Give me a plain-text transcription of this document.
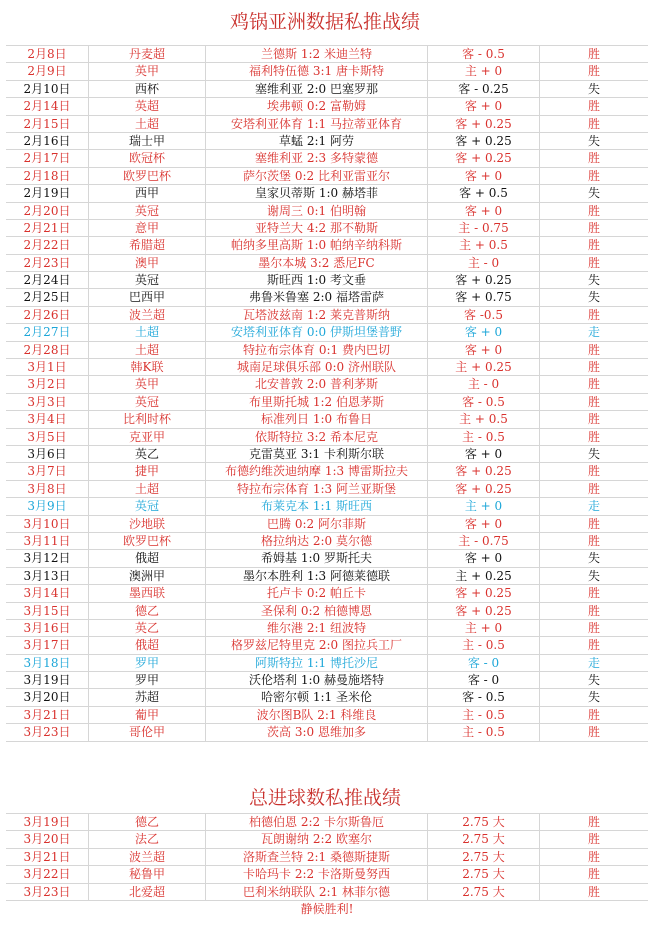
鸡锅亚洲数据私推战绩
2月8日	丹麦超	兰德斯 1:2 米迪兰特	客 - 0.5	胜
2月9日	英甲	福利特伍德 3:1 唐卡斯特	主 + 0	胜
2月10日	西杯	塞维利亚 2:0 巴塞罗那	客 - 0.25	失
2月14日	英超	埃弗顿 0:2 富勒姆	客 + 0	胜
2月15日	土超	安塔利亚体育 1:1 马拉蒂亚体育	客 + 0.25	胜
2月16日	瑞士甲	草蜢 2:1 阿劳	客 + 0.25	失
2月17日	欧冠杯	塞维利亚 2:3 多特蒙德	客 + 0.25	胜
2月18日	欧罗巴杯	萨尔茨堡 0:2 比利亚雷亚尔	客 + 0	胜
2月19日	西甲	皇家贝蒂斯 1:0 赫塔菲	客 + 0.5	失
2月20日	英冠	谢周三 0:1 伯明翰	客 + 0	胜
2月21日	意甲	亚特兰大 4:2 那不勒斯	主 - 0.75	胜
2月22日	希腊超	帕纳多里高斯 1:0 帕纳辛纳科斯	主 + 0.5	胜
2月23日	澳甲	墨尔本城 3:2 悉尼FC	主 - 0	胜
2月24日	英冠	斯旺西 1:0 考文垂	客 + 0.25	失
2月25日	巴西甲	弗鲁米鲁塞 2:0 福塔雷萨	客 + 0.75	失
2月26日	波兰超	瓦塔波兹南 1:2 莱克普斯纳	客 -0.5	胜
2月27日	土超	安塔利亚体育 0:0 伊斯坦堡普野	客 + 0	走
2月28日	土超	特拉布宗体育 0:1 费内巴切	客 + 0	胜
3月1日	韩K联	城南足球俱乐部 0:0 济州联队	主 + 0.25	胜
3月2日	英甲	北安普敦 2:0 普利茅斯	主 - 0	胜
3月3日	英冠	布里斯托城 1:2 伯恩茅斯	客 - 0.5	胜
3月4日	比利时杯	标准列日 1:0 布鲁日	主 + 0.5	胜
3月5日	克亚甲	依斯特拉 3:2 希本尼克	主 - 0.5	胜
3月6日	英乙	克雷莫亚 3:1 卡利斯尔联	客 + 0	失
3月7日	捷甲	布德约维茨迪纳摩 1:3 博雷斯拉夫	客 + 0.25	胜
3月8日	土超	特拉布宗体育 1:3 阿兰亚斯堡	客 + 0.25	胜
3月9日	英冠	布莱克本 1:1 斯旺西	主 + 0	走
3月10日	沙地联	巴腾 0:2 阿尔菲斯	客 + 0	胜
3月11日	欧罗巴杯	格拉纳达 2:0 莫尔德	主 - 0.75	胜
3月12日	俄超	希姆基 1:0 罗斯托夫	客 + 0	失
3月13日	澳洲甲	墨尔本胜利 1:3 阿德莱德联	主 + 0.25	失
3月14日	墨西联	托卢卡 0:2 帕丘卡	客 + 0.25	胜
3月15日	德乙	圣保利 0:2 柏德博恩	客 + 0.25	胜
3月16日	英乙	维尔港 2:1 纽波特	主 + 0	胜
3月17日	俄超	格罗兹尼特里克 2:0 图拉兵工厂	主 - 0.5	胜
3月18日	罗甲	阿斯特拉 1:1 博托沙尼	客 - 0	走
3月19日	罗甲	沃伦塔利 1:0 赫曼施塔特	客 - 0	失
3月20日	苏超	哈密尔顿 1:1 圣米伦	客 - 0.5	失
3月21日	葡甲	波尔图B队 2:1 科维良	主 - 0.5	胜
3月23日	哥伦甲	茨高 3:0 恩维加多	主 - 0.5	胜
总进球数私推战绩
3月19日	德乙	柏德伯恩 2:2 卡尔斯鲁厄	2.75 大	胜
3月20日	法乙	瓦朗谢纳 2:2 欧塞尔	2.75 大	胜
3月21日	波兰超	洛斯查兰特 2:1 桑德斯捷斯	2.75 大	胜
3月22日	秘鲁甲	卡哈玛卡 2:2 卡洛斯曼努西	2.75 大	胜
3月23日	北爱超	巴利米纳联队 2:1 林菲尔德	2.75 大	胜
静候胜利!
